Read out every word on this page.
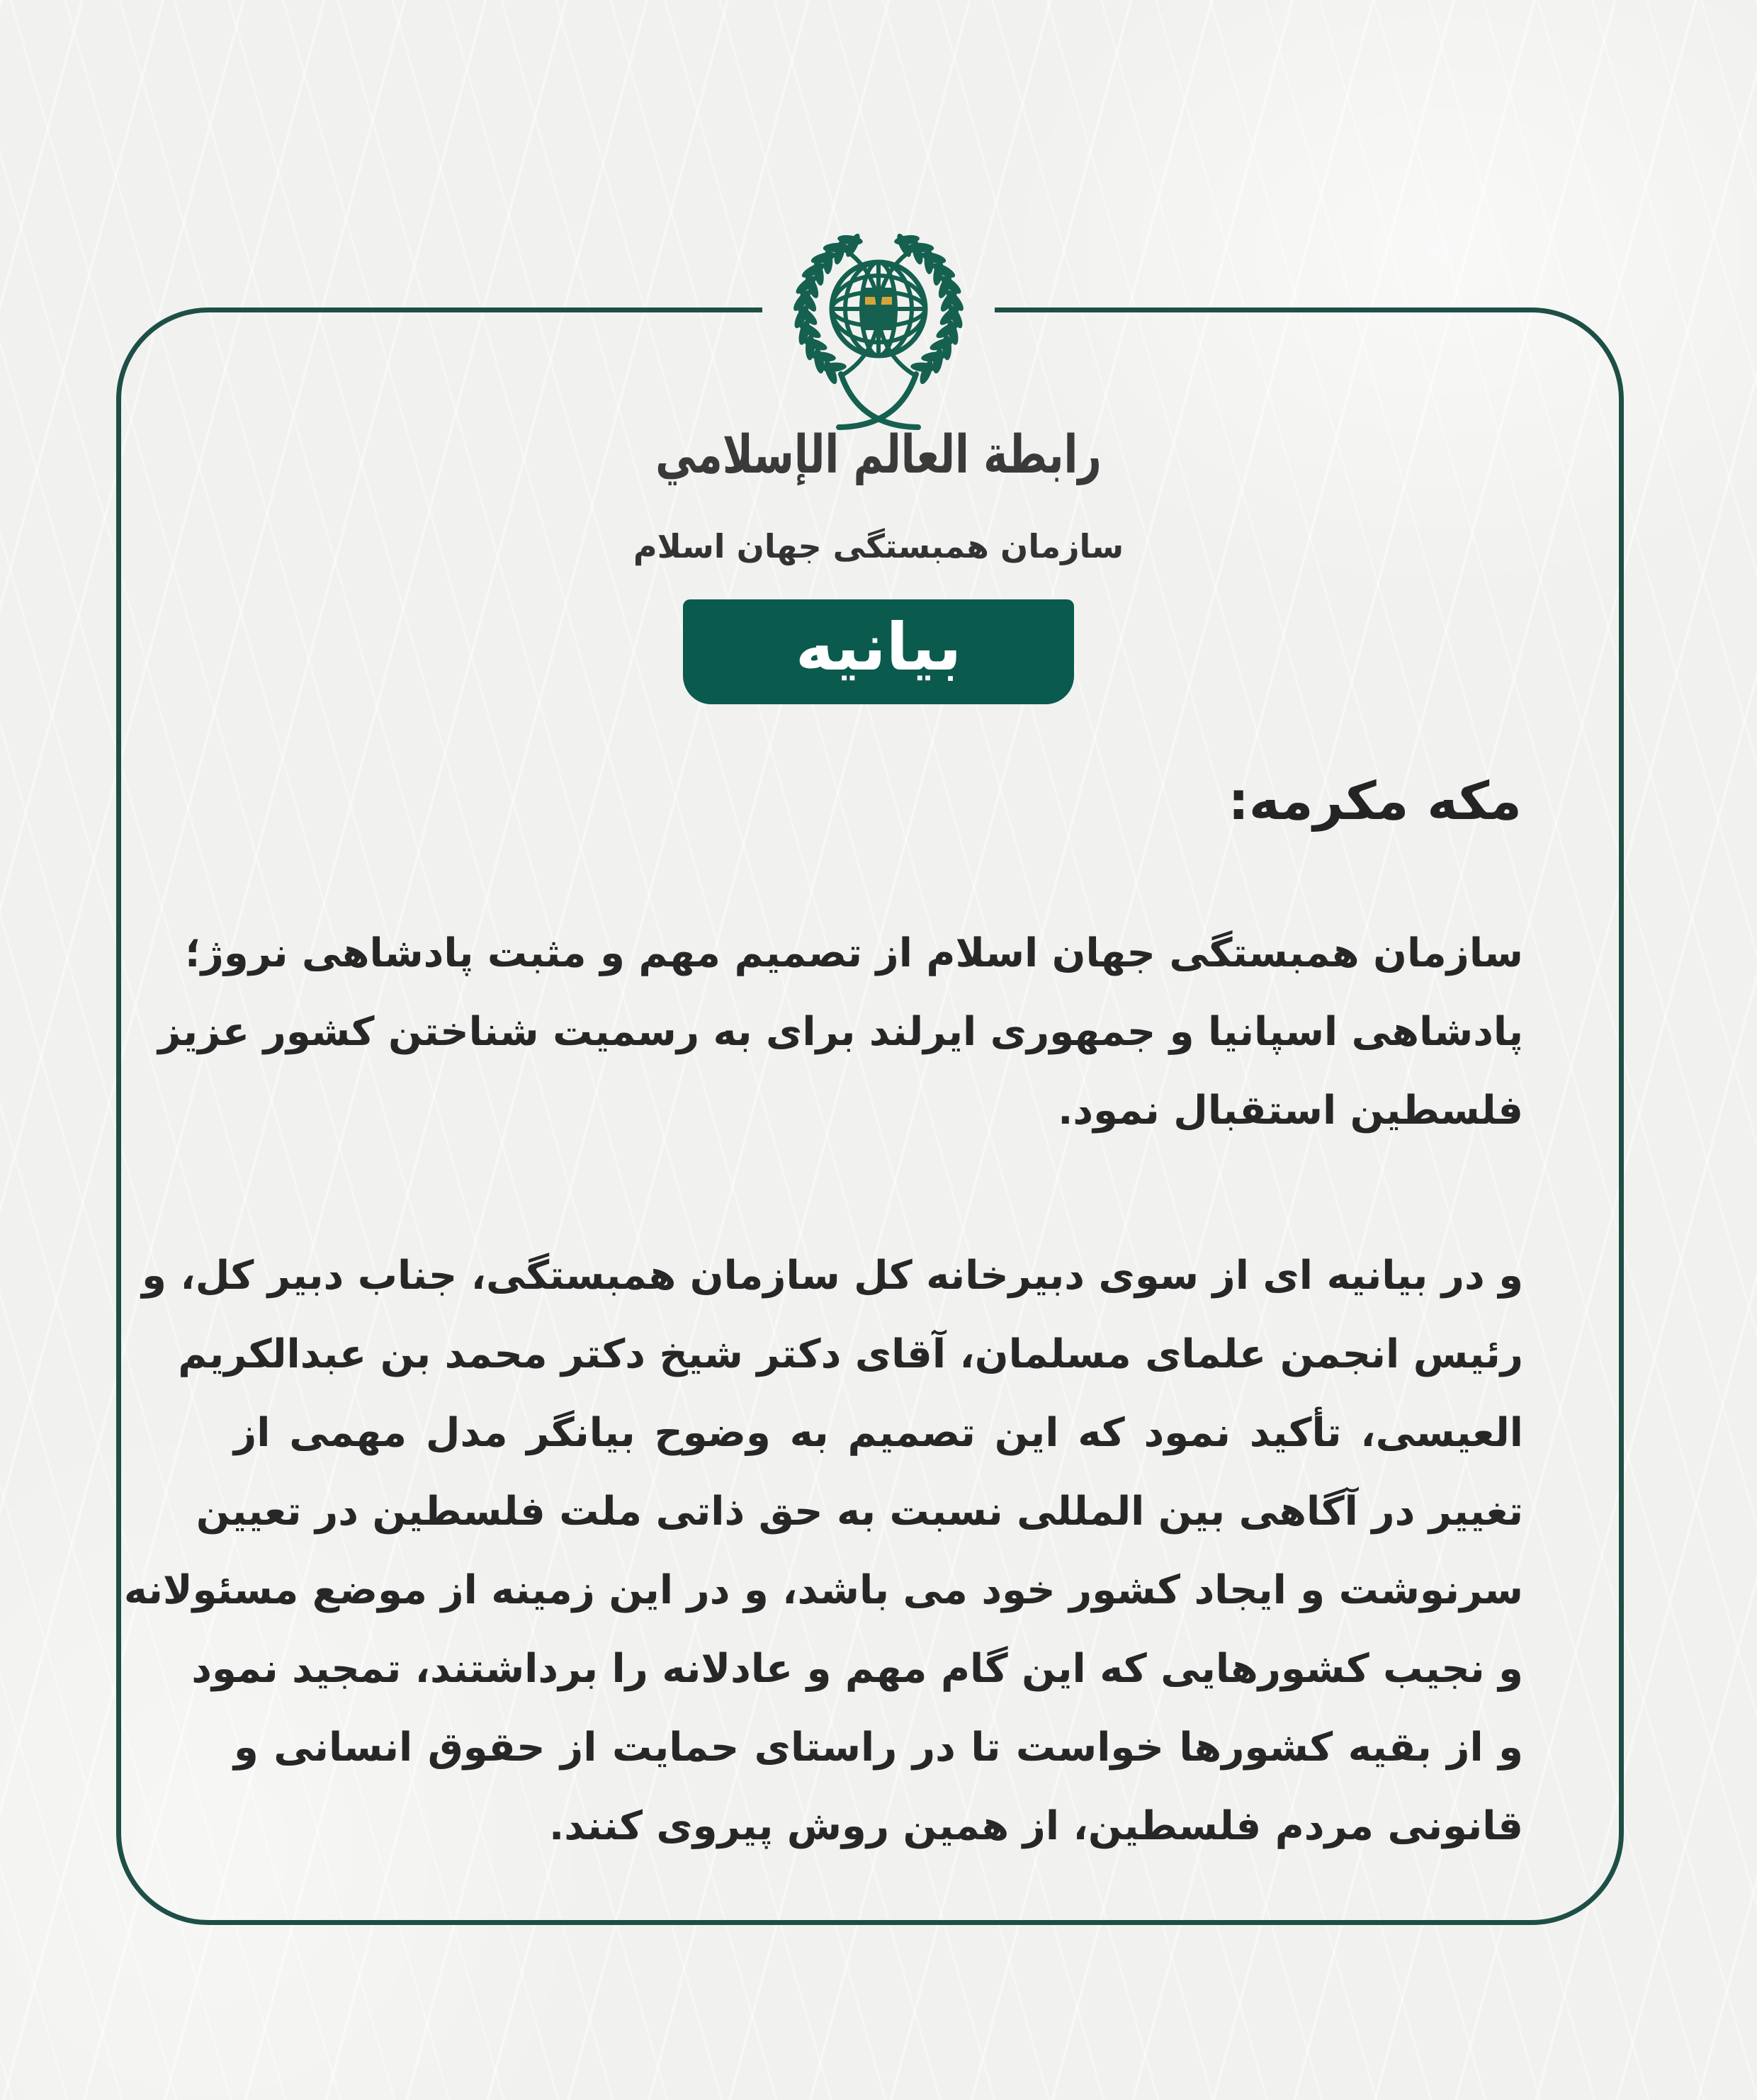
رابطة العالم الإسلامي
سازمان همبستگی جهان اسلام
بیانیه
مکه مکرمه:
سازمان همبستگی جهان اسلام از تصمیم مهم و مثبت پادشاهی نروژ؛
پادشاهی اسپانیا و جمهوری ایرلند برای به رسمیت شناختن کشور عزیز
فلسطین استقبال نمود.
و در بیانیه ای از سوی دبیرخانه کل سازمان همبستگی، جناب دبیر کل، و
رئیس انجمن علمای مسلمان، آقای دکتر شیخ دکتر محمد بن عبدالکریم
العیسی، تأکید نمود که این تصمیم به وضوح بیانگر مدل مهمی از
تغییر در آگاهی بین المللی نسبت به حق ذاتی ملت فلسطین در تعیین
سرنوشت و ایجاد کشور خود می باشد، و در این زمینه از موضع مسئولانه
و نجیب کشورهایی که این گام مهم و عادلانه را برداشتند، تمجید نمود
و از بقیه کشورها خواست تا در راستای حمایت از حقوق انسانی و
قانونی مردم فلسطین، از همین روش پیروی کنند.
